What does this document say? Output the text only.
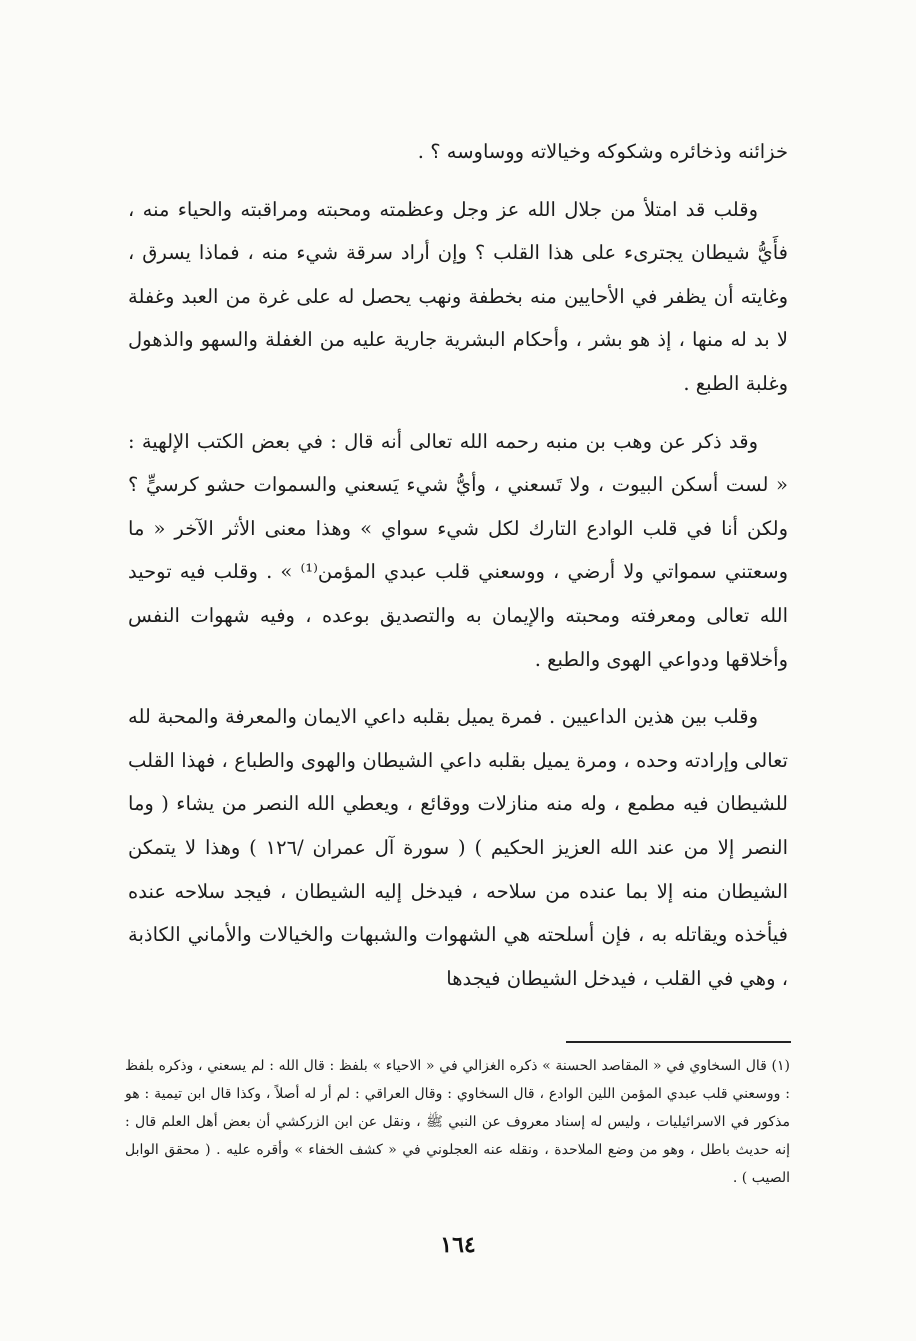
خزائنه وذخائره وشكوكه وخيالاته ووساوسه ؟ .

وقلب قد امتلأ من جلال الله عز وجل وعظمته ومحبته ومراقبته والحياء منه ، فأَيُّ شيطان يجترىء على هذا القلب ؟ وإن أراد سرقة شيء منه ، فماذا يسرق ، وغايته أن يظفر في الأحايين منه بخطفة ونهب يحصل له على غرة من العبد وغفلة لا بد له منها ، إذ هو بشر ، وأحكام البشرية جارية عليه من الغفلة والسهو والذهول وغلبة الطبع .

وقد ذكر عن وهب بن منبه رحمه الله تعالى أنه قال : في بعض الكتب الإلهية : « لست أسكن البيوت ، ولا تَسعني ، وأيُّ شيء يَسعني والسموات حشو كرسيٍّ ؟ ولكن أنا في قلب الوادع التارك لكل شيء سواي » وهذا معنى الأثر الآخر « ما وسعتني سمواتي ولا أرضي ، ووسعني قلب عبدي المؤمن⁽¹⁾ » . وقلب فيه توحيد الله تعالى ومعرفته ومحبته والإيمان به والتصديق بوعده ، وفيه شهوات النفس وأخلاقها ودواعي الهوى والطبع .

وقلب بين هذين الداعيين . فمرة يميل بقلبه داعي الايمان والمعرفة والمحبة لله تعالى وإرادته وحده ، ومرة يميل بقلبه داعي الشيطان والهوى والطباع ، فهذا القلب للشيطان فيه مطمع ، وله منه منازلات ووقائع ، ويعطي الله النصر من يشاء ( وما النصر إلا من عند الله العزيز الحكيم ) ( سورة آل عمران /١٢٦ ) وهذا لا يتمكن الشيطان منه إلا بما عنده من سلاحه ، فيدخل إليه الشيطان ، فيجد سلاحه عنده فيأخذه ويقاتله به ، فإن أسلحته هي الشهوات والشبهات والخيالات والأماني الكاذبة ، وهي في القلب ، فيدخل الشيطان فيجدها

(١) قال السخاوي في « المقاصد الحسنة » ذكره الغزالي في « الاحياء » بلفظ : قال الله : لم يسعني ، وذكره بلفظ : ووسعني قلب عبدي المؤمن اللين الوادع ، قال السخاوي : وقال العراقي : لم أر له أصلاً ، وكذا قال ابن تيمية : هو مذكور في الاسرائيليات ، وليس له إسناد معروف عن النبي ﷺ ، ونقل عن ابن الزركشي أن بعض أهل العلم قال : إنه حديث باطل ، وهو من وضع الملاحدة ، ونقله عنه العجلوني في « كشف الخفاء » وأقره عليه . ( محقق الوابل الصيب ) .

١٦٤
